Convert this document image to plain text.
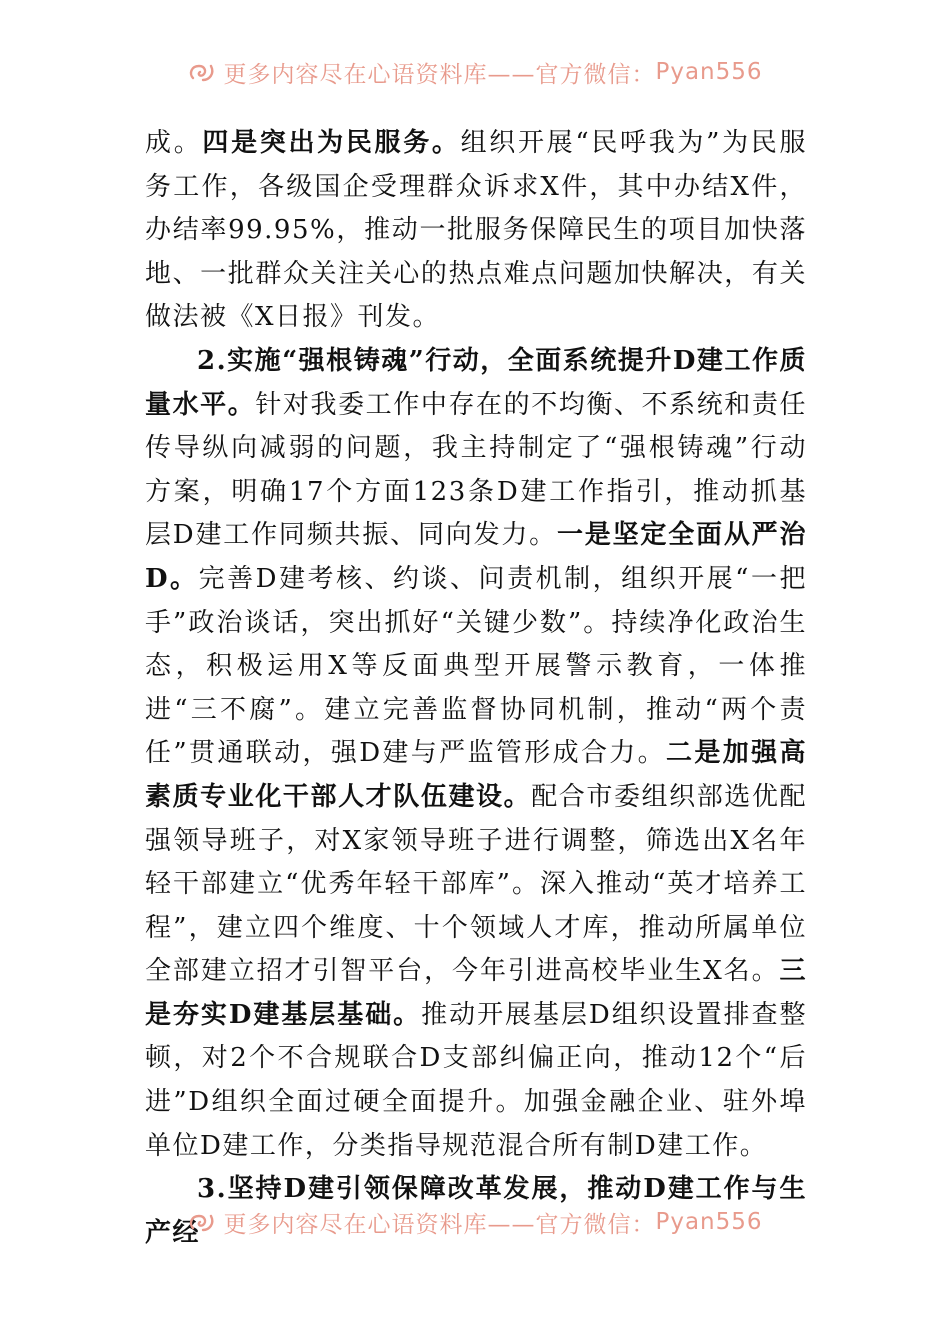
更多内容尽在心语资料库——官方微信： Pyan556

成。四是突出为民服务。组织开展“民呼我为”为民服务工作，各级国企受理群众诉求X件，其中办结X件，办结率99.95%，推动一批服务保障民生的项目加快落地、一批群众关注关心的热点难点问题加快解决，有关做法被《X日报》刊发。

2.实施“强根铸魂”行动，全面系统提升D建工作质量水平。针对我委工作中存在的不均衡、不系统和责任传导纵向减弱的问题，我主持制定了“强根铸魂”行动方案，明确17个方面123条D建工作指引，推动抓基层D建工作同频共振、同向发力。一是坚定全面从严治D。完善D建考核、约谈、问责机制，组织开展“一把手”政治谈话，突出抓好“关键少数”。持续净化政治生态，积极运用X等反面典型开展警示教育，一体推进“三不腐”。建立完善监督协同机制，推动“两个责任”贯通联动，强D建与严监管形成合力。二是加强高素质专业化干部人才队伍建设。配合市委组织部选优配强领导班子，对X家领导班子进行调整，筛选出X名年轻干部建立“优秀年轻干部库”。深入推动“英才培养工程”，建立四个维度、十个领域人才库，推动所属单位全部建立招才引智平台，今年引进高校毕业生X名。三是夯实D建基层基础。推动开展基层D组织设置排查整顿，对2个不合规联合D支部纠偏正向，推动12个“后进”D组织全面过硬全面提升。加强金融企业、驻外埠单位D建工作，分类指导规范混合所有制D建工作。

3.坚持D建引领保障改革发展，推动D建工作与生产经	更多内容尽在心语资料库——官方微信： Pyan556
